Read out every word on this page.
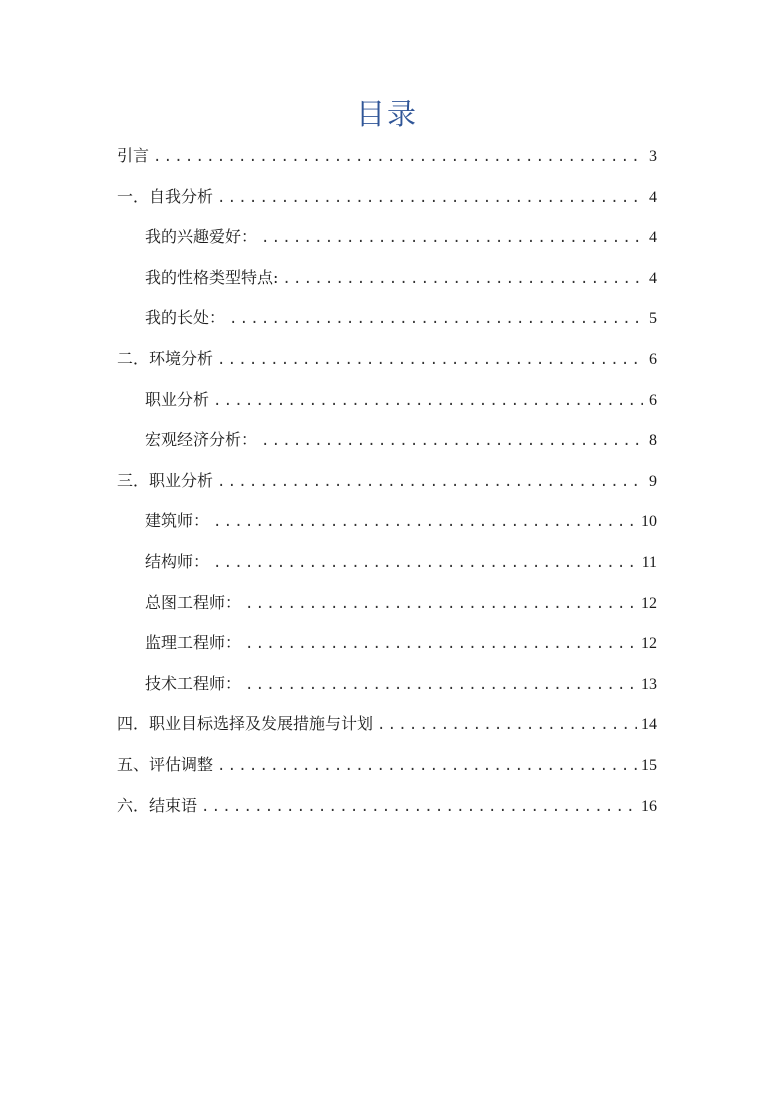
目录
引言 .....	3
一．自我分析 .....	4
我的兴趣爱好： .....	4
我的性格类型特点: .....	4
我的长处： .....	5
二．环境分析 .....	6
职业分析 .....	6
宏观经济分析： .....	8
三．职业分析 .....	9
建筑师： .....	10
结构师： .....	11
总图工程师： .....	12
监理工程师： .....	12
技术工程师： .....	13
四．职业目标选择及发展措施与计划 .....	14
五、评估调整 .....	15
六．结束语 .....	16
